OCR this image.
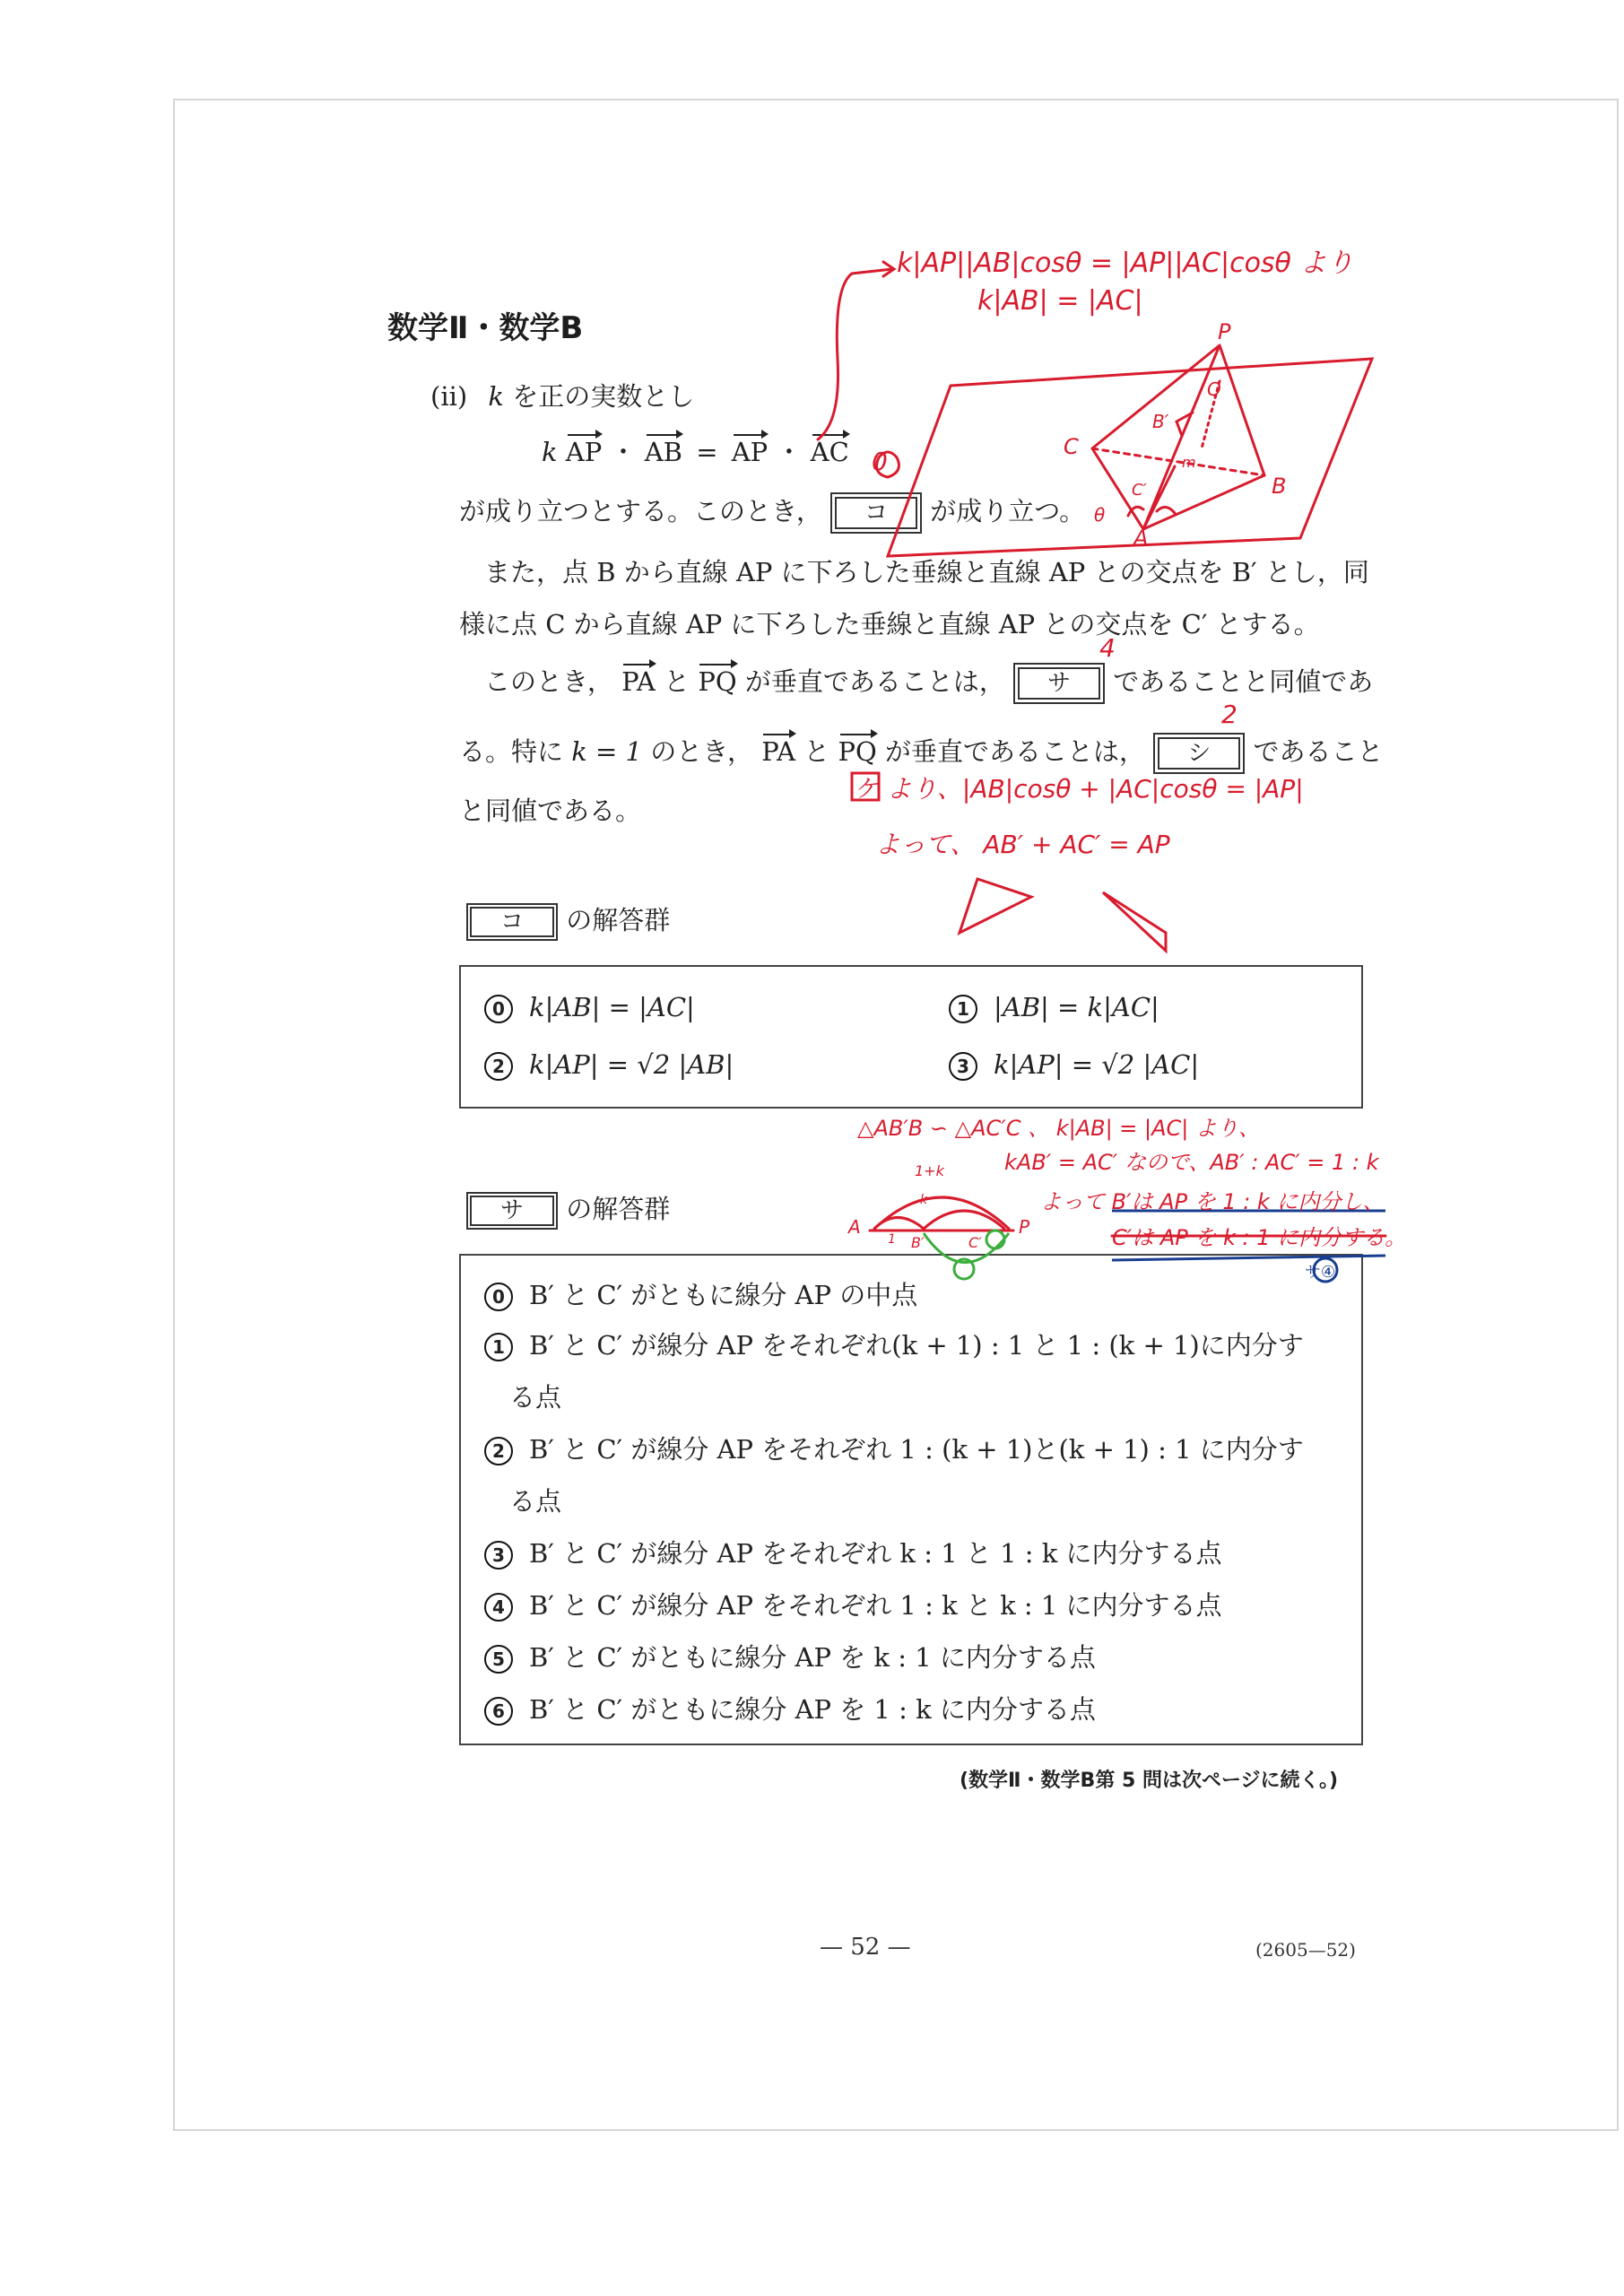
数学Ⅱ・数学B
(ii) k を正の実数とし
k AP ・ AB = AP ・ AC
が成り立つとする。このとき， コ が成り立つ。
また，点 B から直線 AP に下ろした垂線と直線 AP との交点を B′ とし，同
様に点 C から直線 AP に下ろした垂線と直線 AP との交点を C′ とする。
このとき， PA と PQ が垂直であることは， サ であることと同値であ
る。特に k = 1 のとき， PA と PQ が垂直であることは， シ であること
と同値である。
コ の解答群
0 k|AB| = |AC|	1 |AB| = k|AC|
2 k|AP| = √2 |AB|	3 k|AP| = √2 |AC|
サ の解答群
0 B′ と C′ がともに線分 AP の中点
1 B′ と C′ が線分 AP をそれぞれ(k + 1) : 1 と 1 : (k + 1)に内分す
る点
2 B′ と C′ が線分 AP をそれぞれ 1 : (k + 1)と(k + 1) : 1 に内分す
る点
3 B′ と C′ が線分 AP をそれぞれ k : 1 と 1 : k に内分する点
4 B′ と C′ が線分 AP をそれぞれ 1 : k と k : 1 に内分する点
5 B′ と C′ がともに線分 AP を k : 1 に内分する点
6 B′ と C′ がともに線分 AP を 1 : k に内分する点
(数学Ⅱ・数学B第 5 問は次ページに続く。)
— 52 —	(2605—52)
k|AP||AB|cosθ = |AP||AC|cosθ より
k|AB| = |AC|
0
4
2
ケ より、|AB|cosθ + |AC|cosθ = |AP|
よって、 AB′ + AC′ = AP
△AB′B ∽ △AC′C 、 k|AB| = |AC| より、
kAB′ = AC′ なので、AB′ : AC′ = 1 : k
よって B′は AP を 1 : k に内分し、
C′は AP を k : 1 に内分する。
サ④
P
Q
B′
C
C′	B
A
θ
m
A	P
B′	C′
1+k
k
1
